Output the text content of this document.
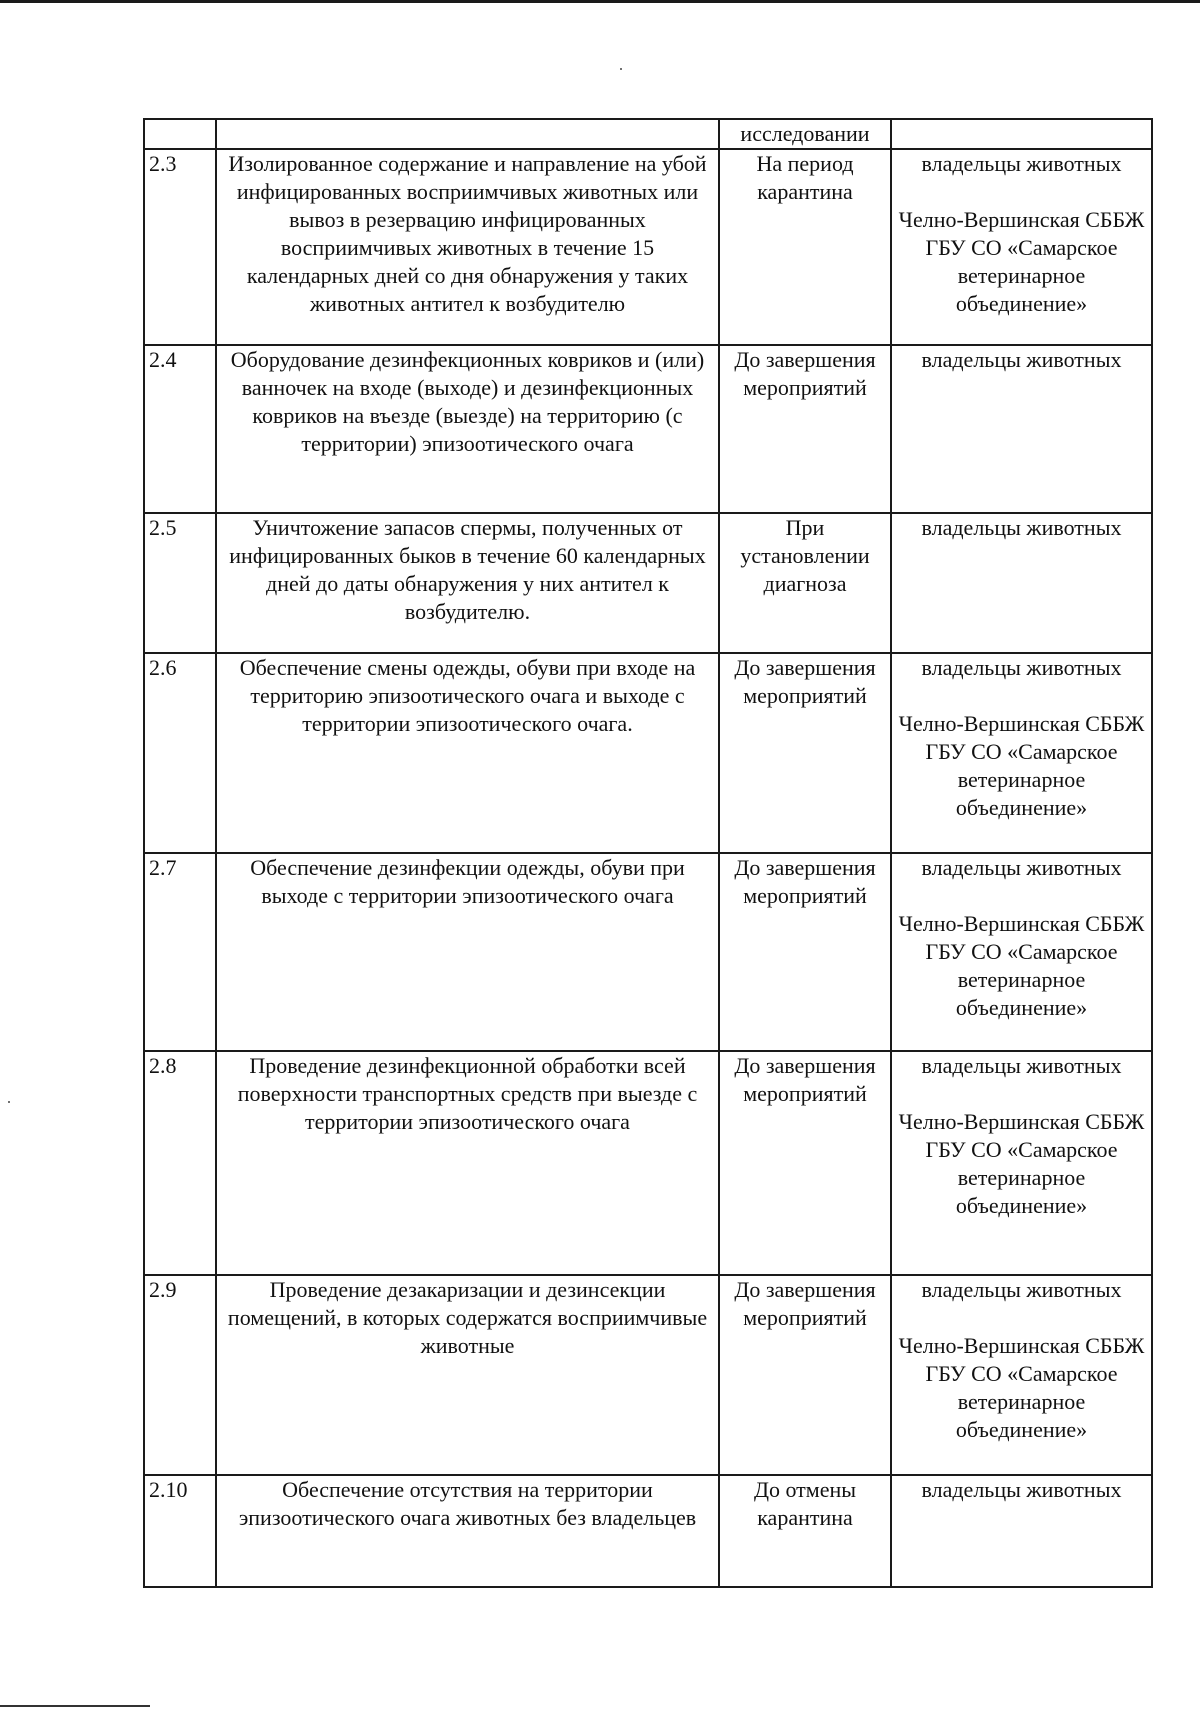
		исследовании	
2.3	Изолированное содержание и направление на убой инфицированных восприимчивых животных или вывоз в резервацию инфицированных восприимчивых животных в течение 15 календарных дней со дня обнаружения у таких животных антител к возбудителю	На период карантина	владельцы животных
Челно-Вершинская СББЖ ГБУ СО «Самарское ветеринарное объединение»

2.4	Оборудование дезинфекционных ковриков и (или) ванночек на входе (выходе) и дезинфекционных ковриков на въезде (выезде) на территорию (с территории) эпизоотического очага	До завершения мероприятий	владельцы животных

2.5	Уничтожение запасов спермы, полученных от инфицированных быков в течение 60 календарных дней до даты обнаружения у них антител к возбудителю.	При установлении диагноза	владельцы животных

2.6	Обеспечение смены одежды, обуви при входе на территорию эпизоотического очага и выходе с территории эпизоотического очага.	До завершения мероприятий	владельцы животных
Челно-Вершинская СББЖ ГБУ СО «Самарское ветеринарное объединение»

2.7	Обеспечение дезинфекции одежды, обуви при выходе с территории эпизоотического очага	До завершения мероприятий	владельцы животных
Челно-Вершинская СББЖ ГБУ СО «Самарское ветеринарное объединение»

2.8	Проведение дезинфекционной обработки всей поверхности транспортных средств при выезде с территории эпизоотического очага	До завершения мероприятий	владельцы животных
Челно-Вершинская СББЖ ГБУ СО «Самарское ветеринарное объединение»

2.9	Проведение дезакаризации и дезинсекции помещений, в которых содержатся восприимчивые животные	До завершения мероприятий	владельцы животных
Челно-Вершинская СББЖ ГБУ СО «Самарское ветеринарное объединение»

2.10	Обеспечение отсутствия на территории эпизоотического очага животных без владельцев	До отмены карантина	владельцы животных
